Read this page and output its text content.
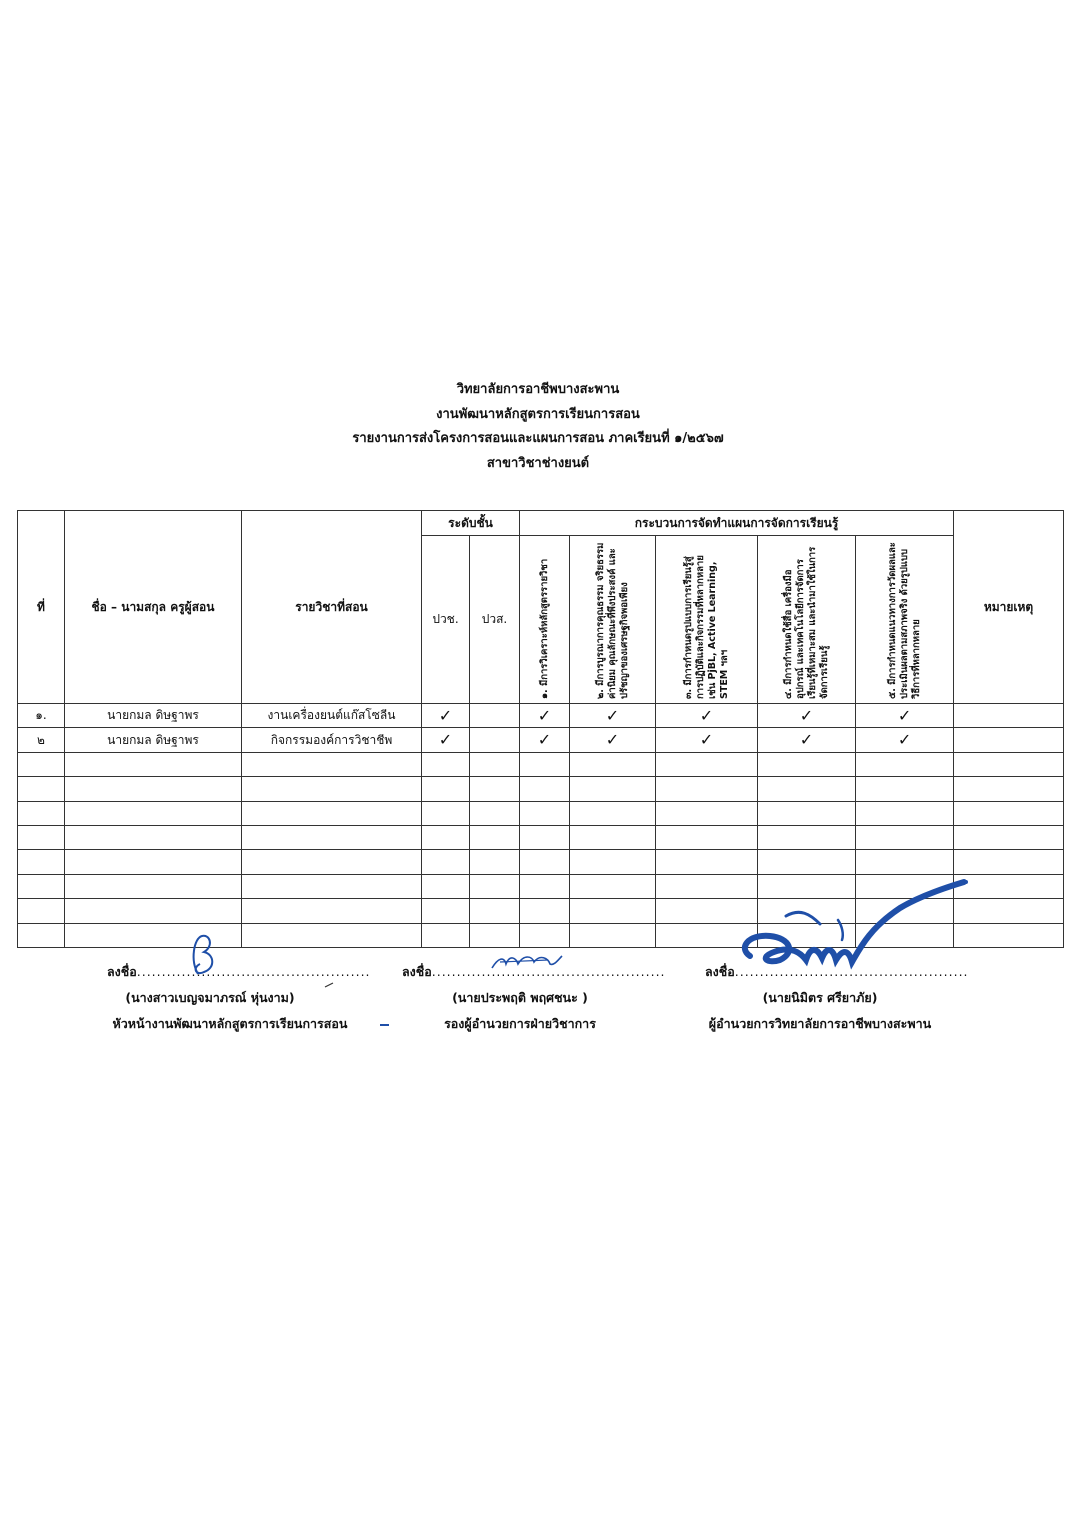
วิทยาลัยการอาชีพบางสะพาน
งานพัฒนาหลักสูตรการเรียนการสอน
รายงานการส่งโครงการสอนและแผนการสอน ภาคเรียนที่ ๑/๒๕๖๗
สาขาวิชาช่างยนต์
ที่	ชื่อ – นามสกุล ครูผู้สอน	รายวิชาที่สอน	ระดับชั้น		กระบวนการจัดทำแผนการจัดการเรียนรู้					หมายเหตุ
			ปวช.	ปวส.	๑. มีการวิเคราะห์หลักสูตรรายวิชา	๒. มีการบูรณาการคุณธรรม จริยธรรม ค่านิยม คุณลักษณะที่พึงประสงค์ และปรัชญาของเศรษฐกิจพอเพียง	๓. มีการกำหนดรูปแบบการเรียนรู้สู่การปฏิบัติและกิจกรรมที่หลากหลาย เช่น PjBL, Active Learning, STEM ฯลฯ	๔. มีการกำหนดใช้สื่อ เครื่องมือ อุปกรณ์ และเทคโนโลยีการจัดการเรียนรู้ที่เหมาะสม และนำมาใช้ในการจัดการเรียนรู้	๕. มีการกำหนดแนวทางการวัดผลและประเมินผลตามสภาพจริง ด้วยรูปแบบวิธีการที่หลากหลาย	

๑.	นายกมล ดิษฐาพร	งานเครื่องยนต์แก๊สโซลีน	✓		✓	✓	✓	✓	✓	
๒	นายกมล ดิษฐาพร	กิจกรรมองค์การวิชาชีพ	✓		✓	✓	✓	✓	✓	

ลงชื่อ...............................................
(นางสาวเบญจมาภรณ์ หุ่นงาม)
หัวหน้างานพัฒนาหลักสูตรการเรียนการสอน
ลงชื่อ...............................................
(นายประพฤติ พฤศชนะ )
รองผู้อำนวยการฝ่ายวิชาการ
ลงชื่อ...............................................
(นายนิมิตร ศรียาภัย)
ผู้อำนวยการวิทยาลัยการอาชีพบางสะพาน
